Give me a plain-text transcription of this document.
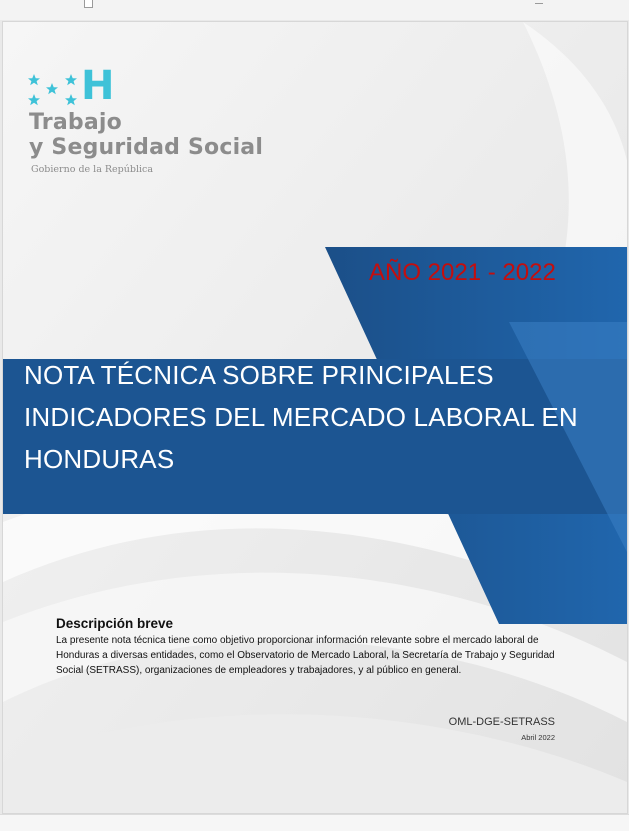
H
Trabajo
y Seguridad Social
Gobierno de la República
AÑO 2021 - 2022
NOTA TÉCNICA SOBRE PRINCIPALES INDICADORES DEL MERCADO LABORAL EN HONDURAS
Descripción breve
La presente nota técnica tiene como objetivo proporcionar información relevante sobre el mercado laboral de Honduras a diversas entidades, como el Observatorio de Mercado Laboral, la Secretaría de Trabajo y Seguridad Social (SETRASS), organizaciones de empleadores y trabajadores, y al público en general.
OML-DGE-SETRASS
Abril 2022
